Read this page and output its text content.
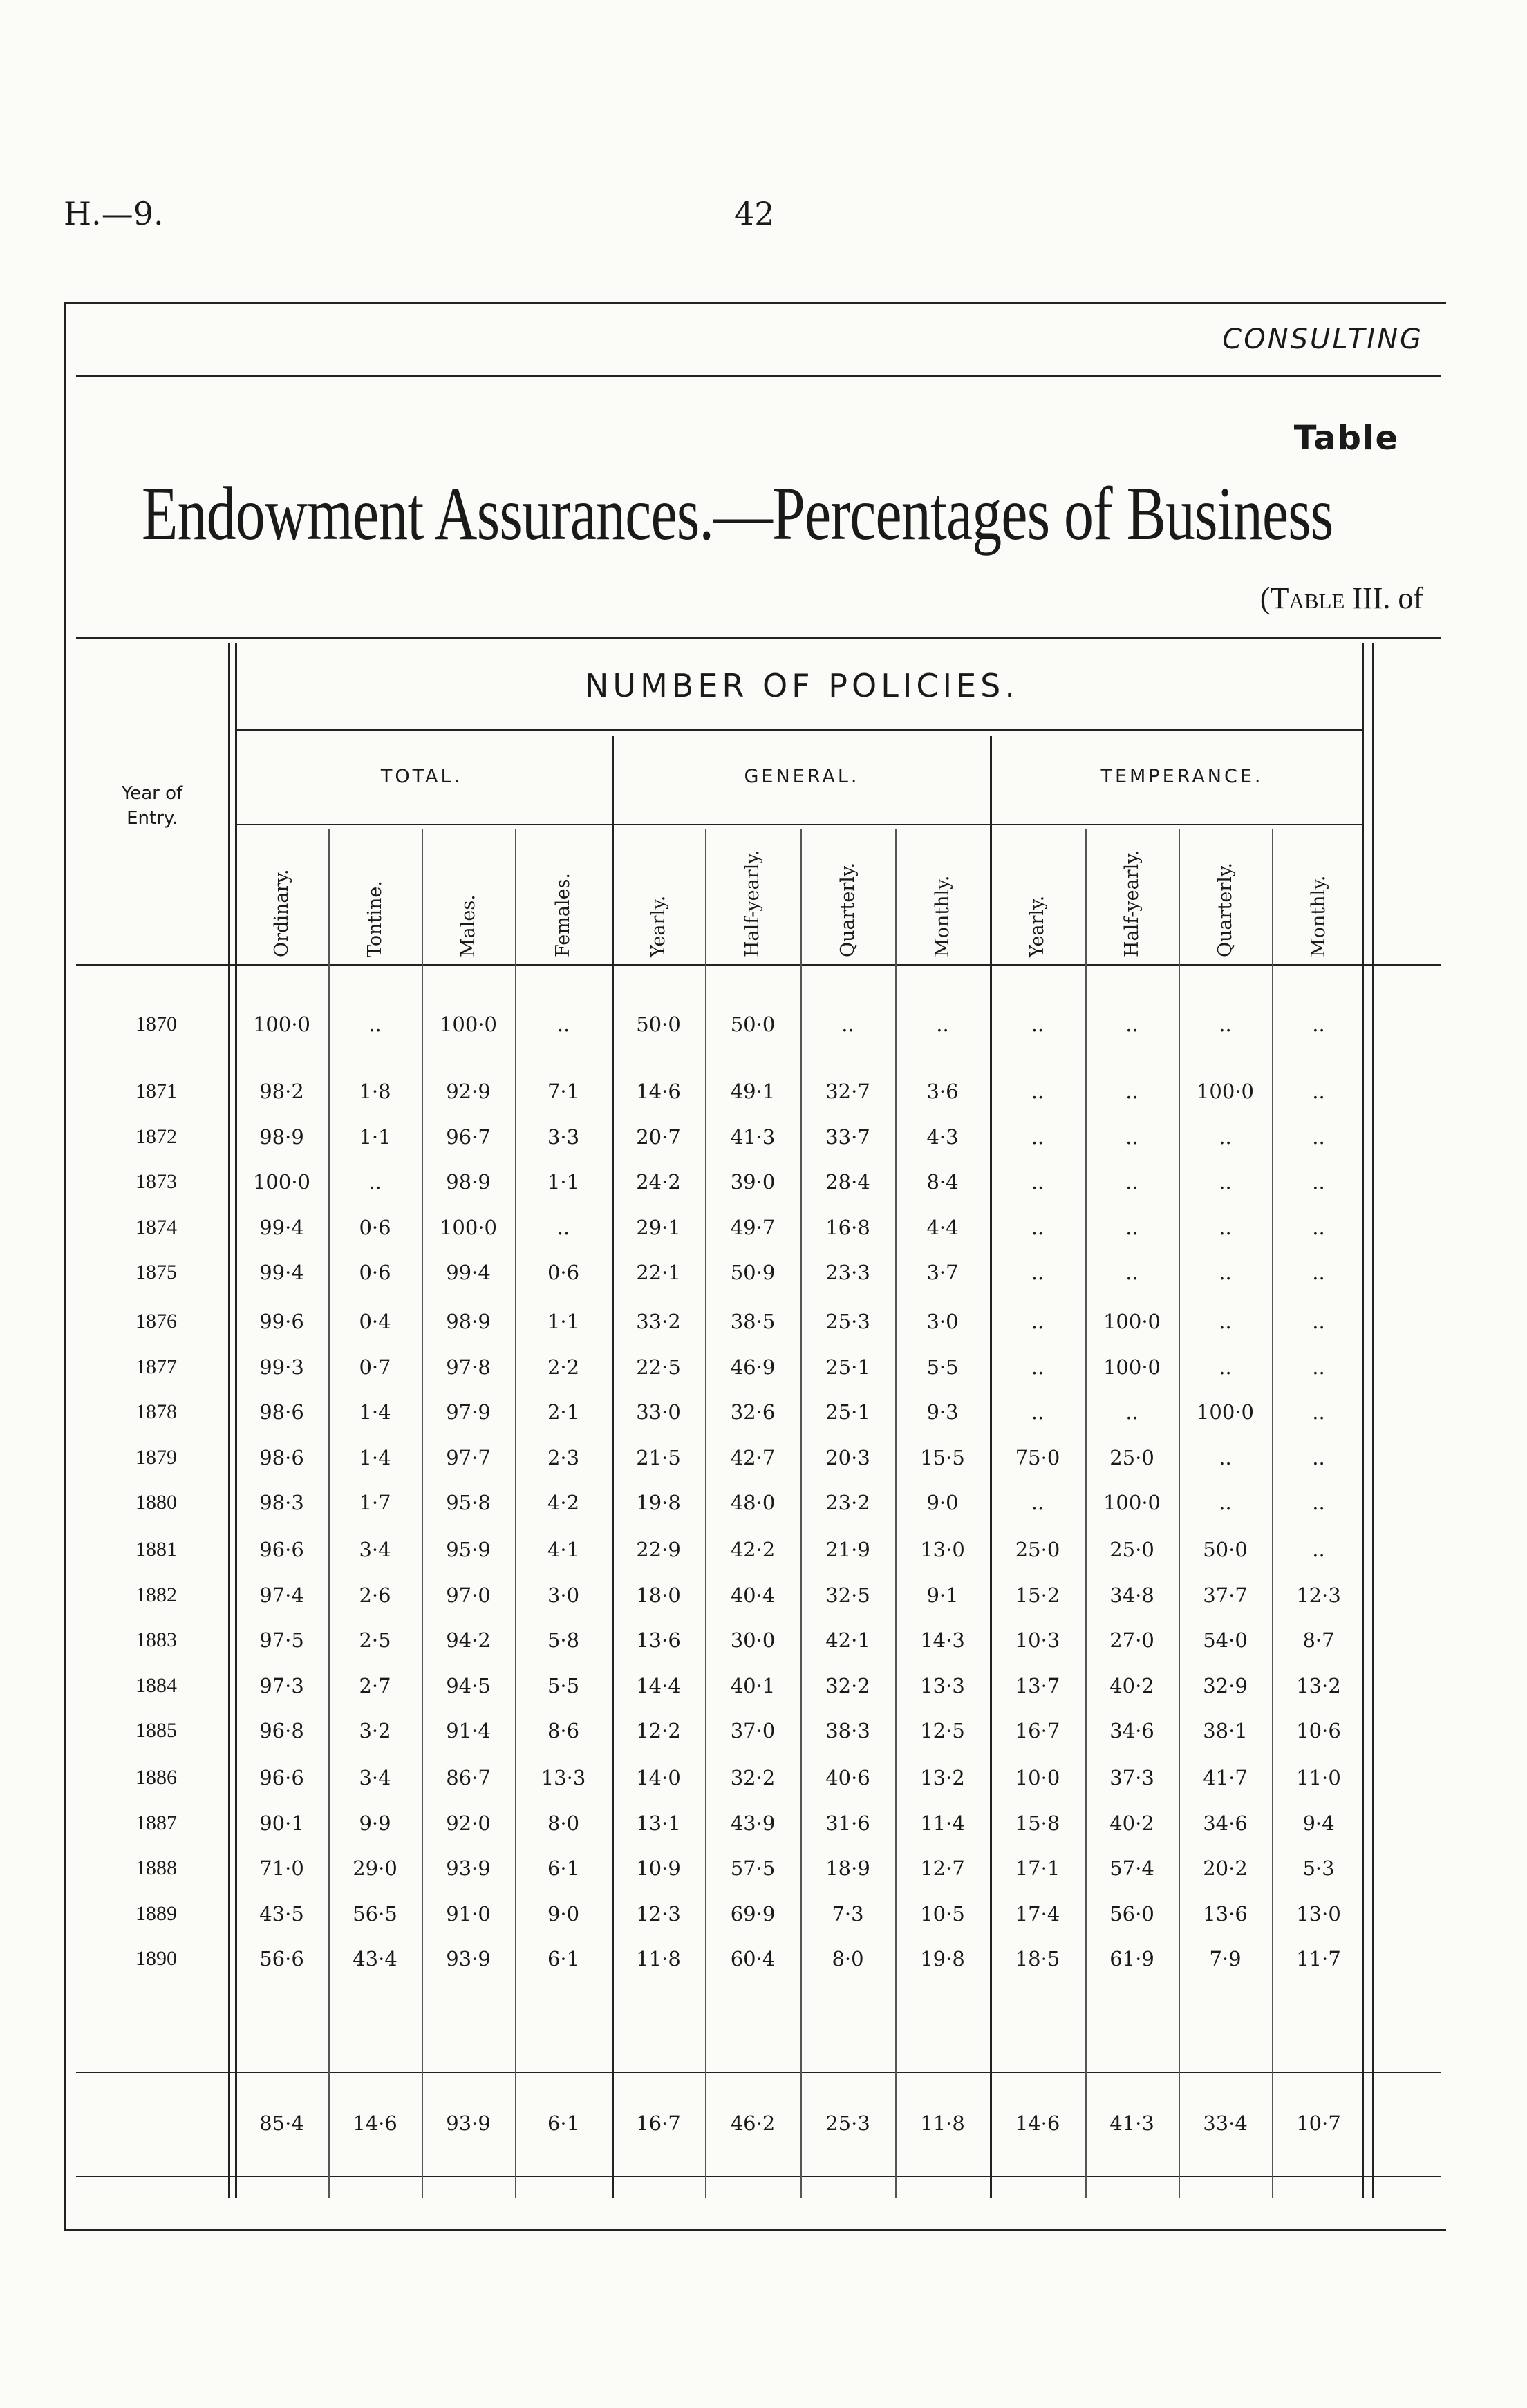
H.—9.	42
CONSULTING
Table
Endowment Assurances.—Percentages of Business
(Table III. of
NUMBER OF POLICIES.
Year of
Entry.
TOTAL.	GENERAL.	TEMPERANCE.
Ordinary.	Tontine.	Males.	Females.	Yearly.	Half-yearly.	Quarterly.	Monthly.	Yearly.	Half-yearly.	Quarterly.	Monthly.
1870	100·0	..	100·0	..	50·0	50·0	..	..	..	..	..	..
1871	98·2	1·8	92·9	7·1	14·6	49·1	32·7	3·6	..	..	100·0	..
1872	98·9	1·1	96·7	3·3	20·7	41·3	33·7	4·3	..	..	..	..
1873	100·0	..	98·9	1·1	24·2	39·0	28·4	8·4	..	..	..	..
1874	99·4	0·6	100·0	..	29·1	49·7	16·8	4·4	..	..	..	..
1875	99·4	0·6	99·4	0·6	22·1	50·9	23·3	3·7	..	..	..	..
1876	99·6	0·4	98·9	1·1	33·2	38·5	25·3	3·0	..	100·0	..	..
1877	99·3	0·7	97·8	2·2	22·5	46·9	25·1	5·5	..	100·0	..	..
1878	98·6	1·4	97·9	2·1	33·0	32·6	25·1	9·3	..	..	100·0	..
1879	98·6	1·4	97·7	2·3	21·5	42·7	20·3	15·5	75·0	25·0	..	..
1880	98·3	1·7	95·8	4·2	19·8	48·0	23·2	9·0	..	100·0	..	..
1881	96·6	3·4	95·9	4·1	22·9	42·2	21·9	13·0	25·0	25·0	50·0	..
1882	97·4	2·6	97·0	3·0	18·0	40·4	32·5	9·1	15·2	34·8	37·7	12·3
1883	97·5	2·5	94·2	5·8	13·6	30·0	42·1	14·3	10·3	27·0	54·0	8·7
1884	97·3	2·7	94·5	5·5	14·4	40·1	32·2	13·3	13·7	40·2	32·9	13·2
1885	96·8	3·2	91·4	8·6	12·2	37·0	38·3	12·5	16·7	34·6	38·1	10·6
1886	96·6	3·4	86·7	13·3	14·0	32·2	40·6	13·2	10·0	37·3	41·7	11·0
1887	90·1	9·9	92·0	8·0	13·1	43·9	31·6	11·4	15·8	40·2	34·6	9·4
1888	71·0	29·0	93·9	6·1	10·9	57·5	18·9	12·7	17·1	57·4	20·2	5·3
1889	43·5	56·5	91·0	9·0	12·3	69·9	7·3	10·5	17·4	56·0	13·6	13·0
1890	56·6	43·4	93·9	6·1	11·8	60·4	8·0	19·8	18·5	61·9	7·9	11·7
85·4	14·6	93·9	6·1	16·7	46·2	25·3	11·8	14·6	41·3	33·4	10·7
